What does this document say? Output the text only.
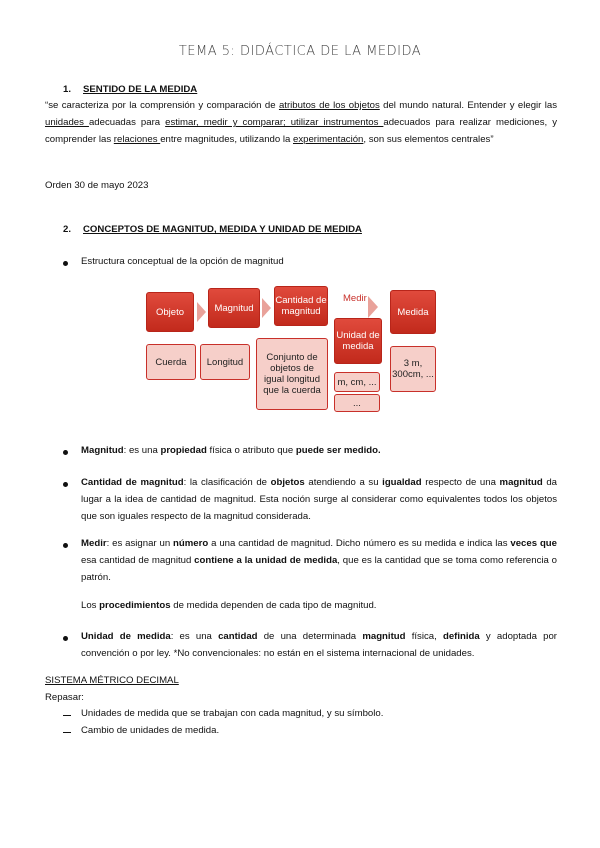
TEMA 5: DIDÁCTICA DE LA MEDIDA
1. SENTIDO DE LA MEDIDA
“se caracteriza por la comprensión y comparación de atributos de los objetos del mundo natural. Entender y elegir las unidades adecuadas para estimar, medir y comparar; utilizar instrumentos adecuados para realizar mediciones, y comprender las relaciones entre magnitudes, utilizando la experimentación, son sus elementos centrales”
Orden 30 de mayo 2023
2. CONCEPTOS DE MAGNITUD, MEDIDA Y UNIDAD DE MEDIDA
Estructura conceptual de la opción de magnitud
Objeto	Magnitud
Cantidad de magnitud
Medir
Unidad de medida
Medida
Cuerda	Longitud	Conjunto de objetos de igual longitud que la cuerda
m, cm, ...
...
3 m, 300cm, ...
Magnitud: es una propiedad física o atributo que puede ser medido.
Cantidad de magnitud: la clasificación de objetos atendiendo a su igualdad respecto de una magnitud da lugar a la idea de cantidad de magnitud. Esta noción surge al considerar como equivalentes todos los objetos que son iguales respecto de la magnitud considerada.
Medir: es asignar un número a una cantidad de magnitud. Dicho número es su medida e indica las veces que esa cantidad de magnitud contiene a la unidad de medida, que es la cantidad que se toma como referencia o patrón.
Los procedimientos de medida dependen de cada tipo de magnitud.
Unidad de medida: es una cantidad de una determinada magnitud física, definida y adoptada por convención o por ley. *No convencionales: no están en el sistema internacional de unidades.
SISTEMA MÉTRICO DECIMAL
Repasar:
Unidades de medida que se trabajan con cada magnitud, y su símbolo.
Cambio de unidades de medida.
